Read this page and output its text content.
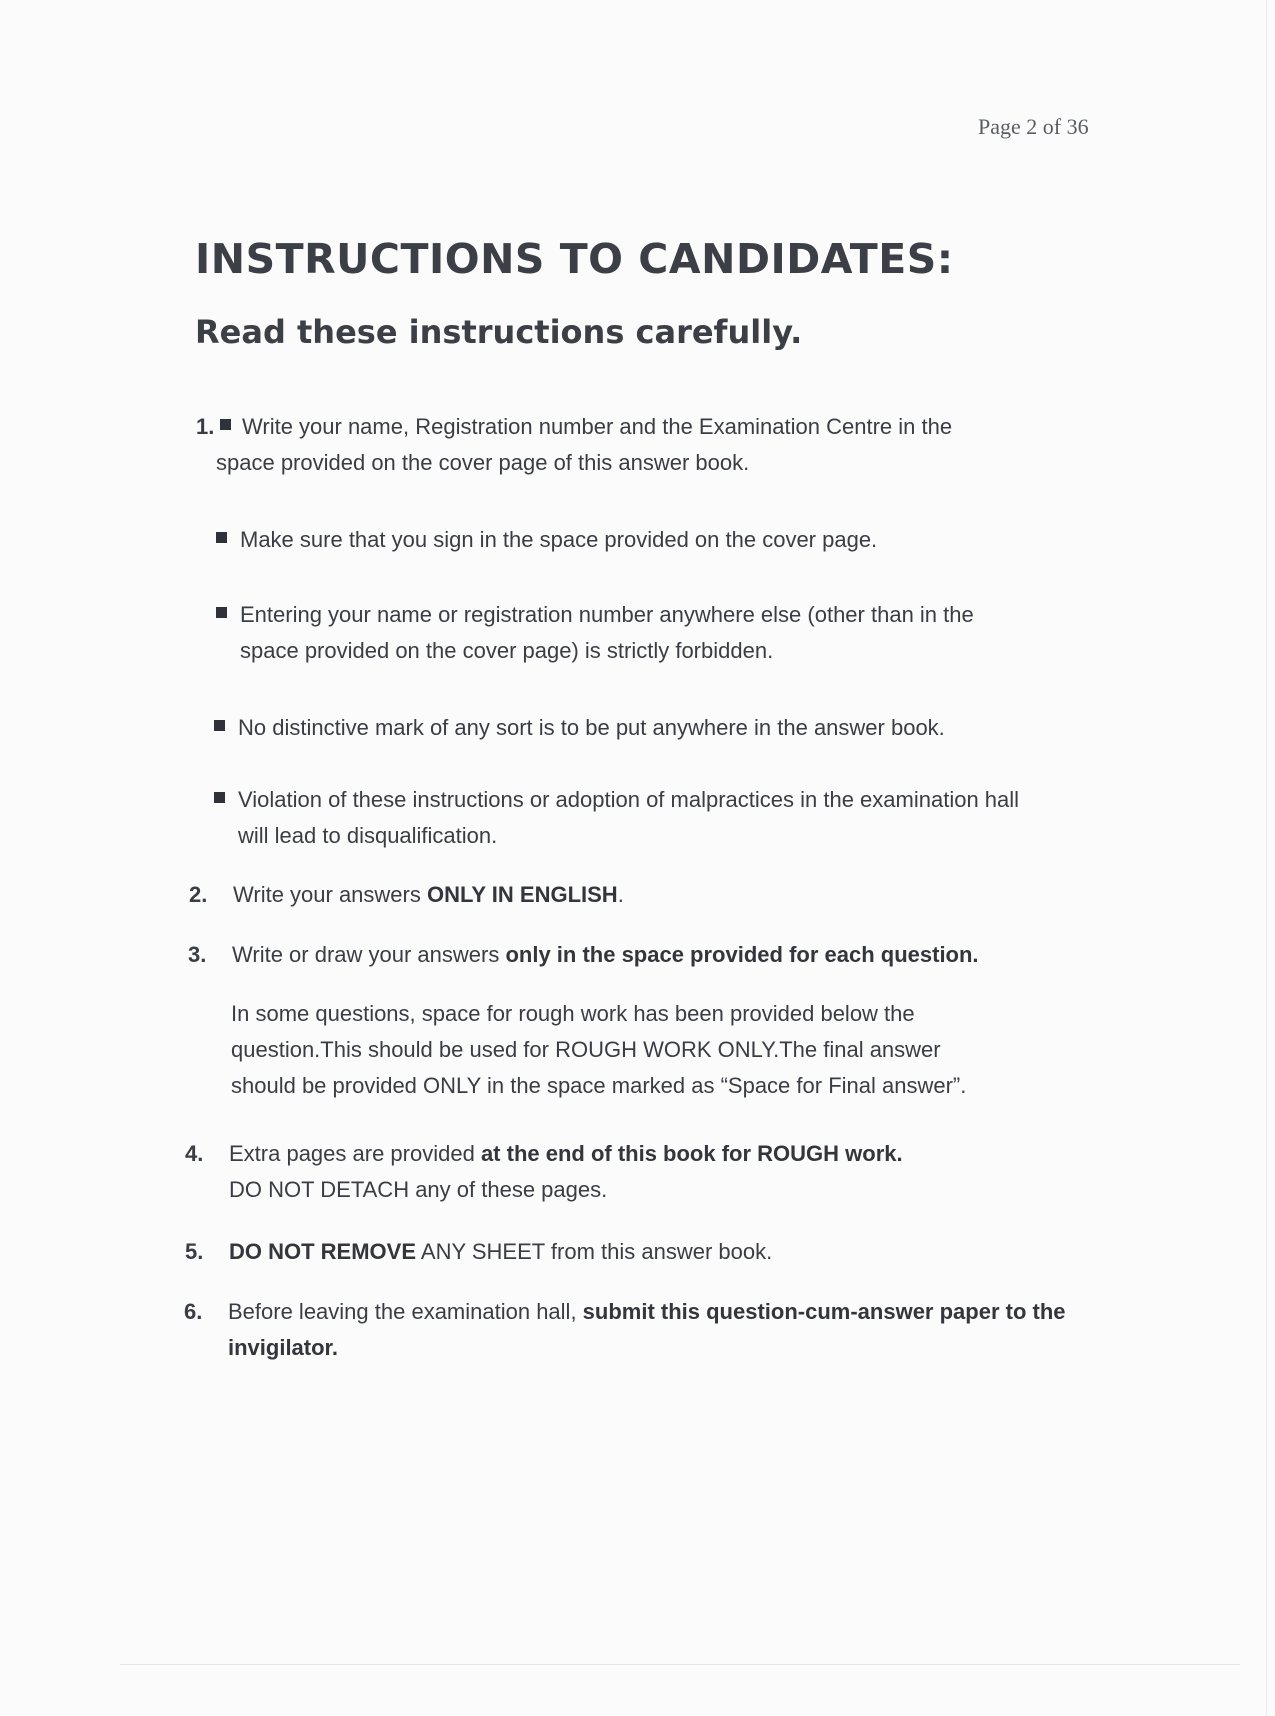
Page 2 of 36
INSTRUCTIONS TO CANDIDATES:
Read these instructions carefully.
1.	Write your name, Registration number and the Examination Centre in the space provided on the cover page of this answer book.
Make sure that you sign in the space provided on the cover page.
Entering your name or registration number anywhere else (other than in the space provided on the cover page) is strictly forbidden.
No distinctive mark of any sort is to be put anywhere in the answer book.
Violation of these instructions or adoption of malpractices in the examination hall will lead to disqualification.
2. Write your answers ONLY IN ENGLISH.
3. Write or draw your answers only in the space provided for each question.
In some questions, space for rough work has been provided below the
question.This should be used for ROUGH WORK ONLY.The final answer
should be provided ONLY in the space marked as “Space for Final answer”.
4. Extra pages are provided at the end of this book for ROUGH work.
DO NOT DETACH any of these pages.
5. DO NOT REMOVE ANY SHEET from this answer book.
6. Before leaving the examination hall, submit this question-cum-answer paper to the invigilator.
